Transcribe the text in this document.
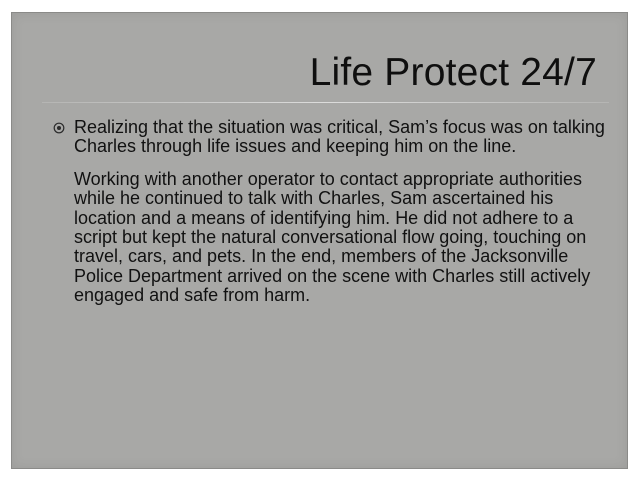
Life Protect 24/7

Realizing that the situation was critical, Sam’s focus was on talking Charles through life issues and keeping him on the line.

Working with another operator to contact appropriate authorities while he continued to talk with Charles, Sam ascertained his location and a means of identifying him. He did not adhere to a script but kept the natural conversational flow going, touching on travel, cars, and pets. In the end, members of the Jacksonville Police Department arrived on the scene with Charles still actively engaged and safe from harm.
